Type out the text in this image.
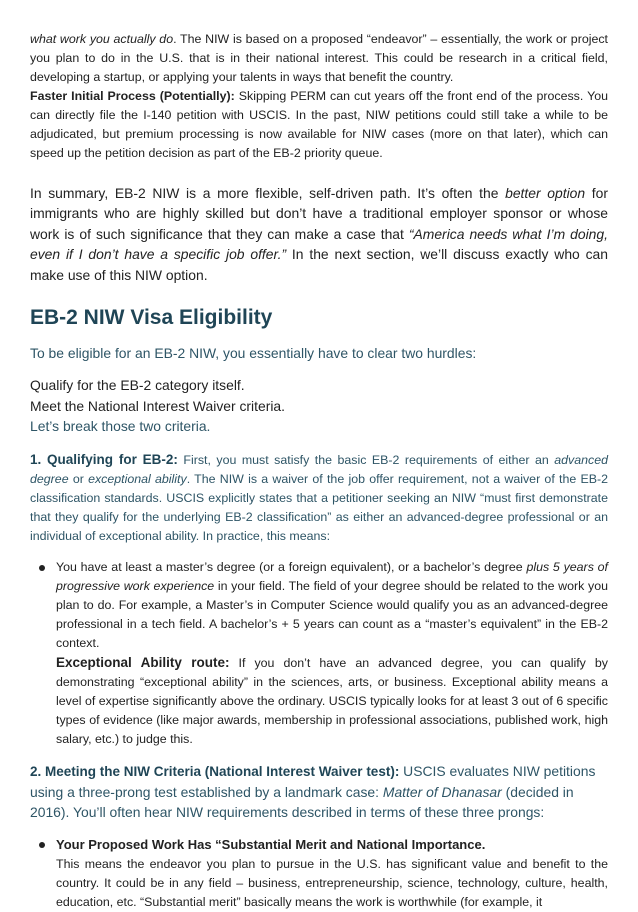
what work you actually do. The NIW is based on a proposed “endeavor” – essentially, the work or project you plan to do in the U.S. that is in their national interest. This could be research in a critical field, developing a startup, or applying your talents in ways that benefit the country.

Faster Initial Process (Potentially): Skipping PERM can cut years off the front end of the process. You can directly file the I-140 petition with USCIS. In the past, NIW petitions could still take a while to be adjudicated, but premium processing is now available for NIW cases (more on that later), which can speed up the petition decision as part of the EB-2 priority queue.

In summary, EB-2 NIW is a more flexible, self-driven path. It’s often the better option for immigrants who are highly skilled but don’t have a traditional employer sponsor or whose work is of such significance that they can make a case that “America needs what I’m doing, even if I don’t have a specific job offer.” In the next section, we’ll discuss exactly who can make use of this NIW option.

EB-2 NIW Visa Eligibility

To be eligible for an EB-2 NIW, you essentially have to clear two hurdles:

Qualify for the EB-2 category itself.

Meet the National Interest Waiver criteria.

Let’s break those two criteria.

1. Qualifying for EB-2: First, you must satisfy the basic EB-2 requirements of either an advanced degree or exceptional ability. The NIW is a waiver of the job offer requirement, not a waiver of the EB-2 classification standards. USCIS explicitly states that a petitioner seeking an NIW “must first demonstrate that they qualify for the underlying EB-2 classification” as either an advanced-degree professional or an individual of exceptional ability. In practice, this means:

You have at least a master’s degree (or a foreign equivalent), or a bachelor’s degree plus 5 years of progressive work experience in your field. The field of your degree should be related to the work you plan to do. For example, a Master’s in Computer Science would qualify you as an advanced-degree professional in a tech field. A bachelor’s + 5 years can count as a “master’s equivalent” in the EB-2 context.

Exceptional Ability route: If you don’t have an advanced degree, you can qualify by demonstrating “exceptional ability” in the sciences, arts, or business. Exceptional ability means a level of expertise significantly above the ordinary. USCIS typically looks for at least 3 out of 6 specific types of evidence (like major awards, membership in professional associations, published work, high salary, etc.) to judge this.

2. Meeting the NIW Criteria (National Interest Waiver test): USCIS evaluates NIW petitions using a three-prong test established by a landmark case: Matter of Dhanasar (decided in 2016). You’ll often hear NIW requirements described in terms of these three prongs:

Your Proposed Work Has “Substantial Merit and National Importance.

This means the endeavor you plan to pursue in the U.S. has significant value and benefit to the country. It could be in any field – business, entrepreneurship, science, technology, culture, health, education, etc. “Substantial merit” basically means the work is worthwhile (for example, it
